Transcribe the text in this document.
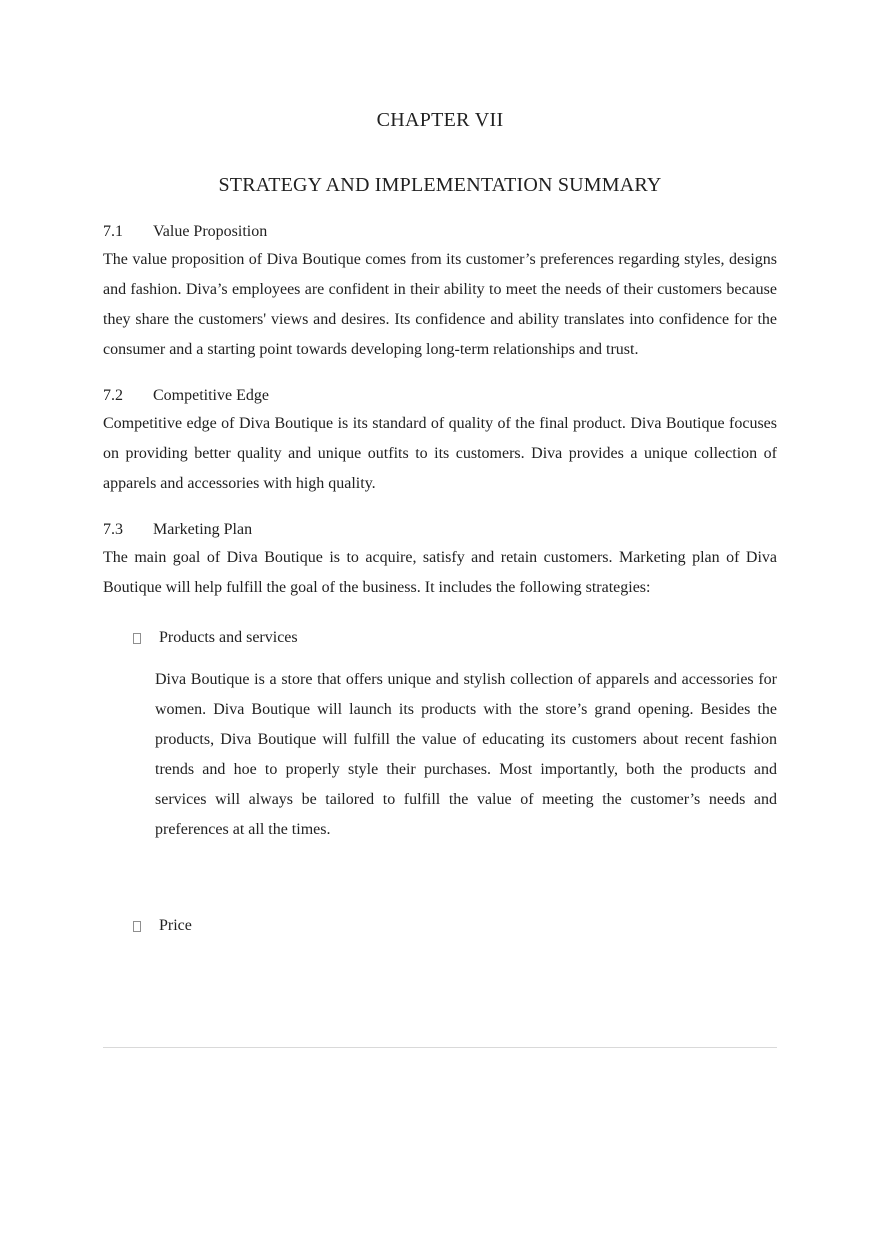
CHAPTER VII
STRATEGY AND IMPLEMENTATION SUMMARY
7.1 Value Proposition

The value proposition of Diva Boutique comes from its customer’s preferences regarding styles, designs and fashion. Diva’s employees are confident in their ability to meet the needs of their customers because they share the customers' views and desires. Its confidence and ability translates into confidence for the consumer and a starting point towards developing long-term relationships and trust.

7.2 Competitive Edge

Competitive edge of Diva Boutique is its standard of quality of the final product. Diva Boutique focuses on providing better quality and unique outfits to its customers. Diva provides a unique collection of apparels and accessories with high quality.

7.3 Marketing Plan

The main goal of Diva Boutique is to acquire, satisfy and retain customers. Marketing plan of Diva Boutique will help fulfill the goal of the business. It includes the following strategies:

Products and services

Diva Boutique is a store that offers unique and stylish collection of apparels and accessories for women. Diva Boutique will launch its products with the store’s grand opening. Besides the products, Diva Boutique will fulfill the value of educating its customers about recent fashion trends and hoe to properly style their purchases. Most importantly, both the products and services will always be tailored to fulfill the value of meeting the customer’s needs and preferences at all the times.

Price
